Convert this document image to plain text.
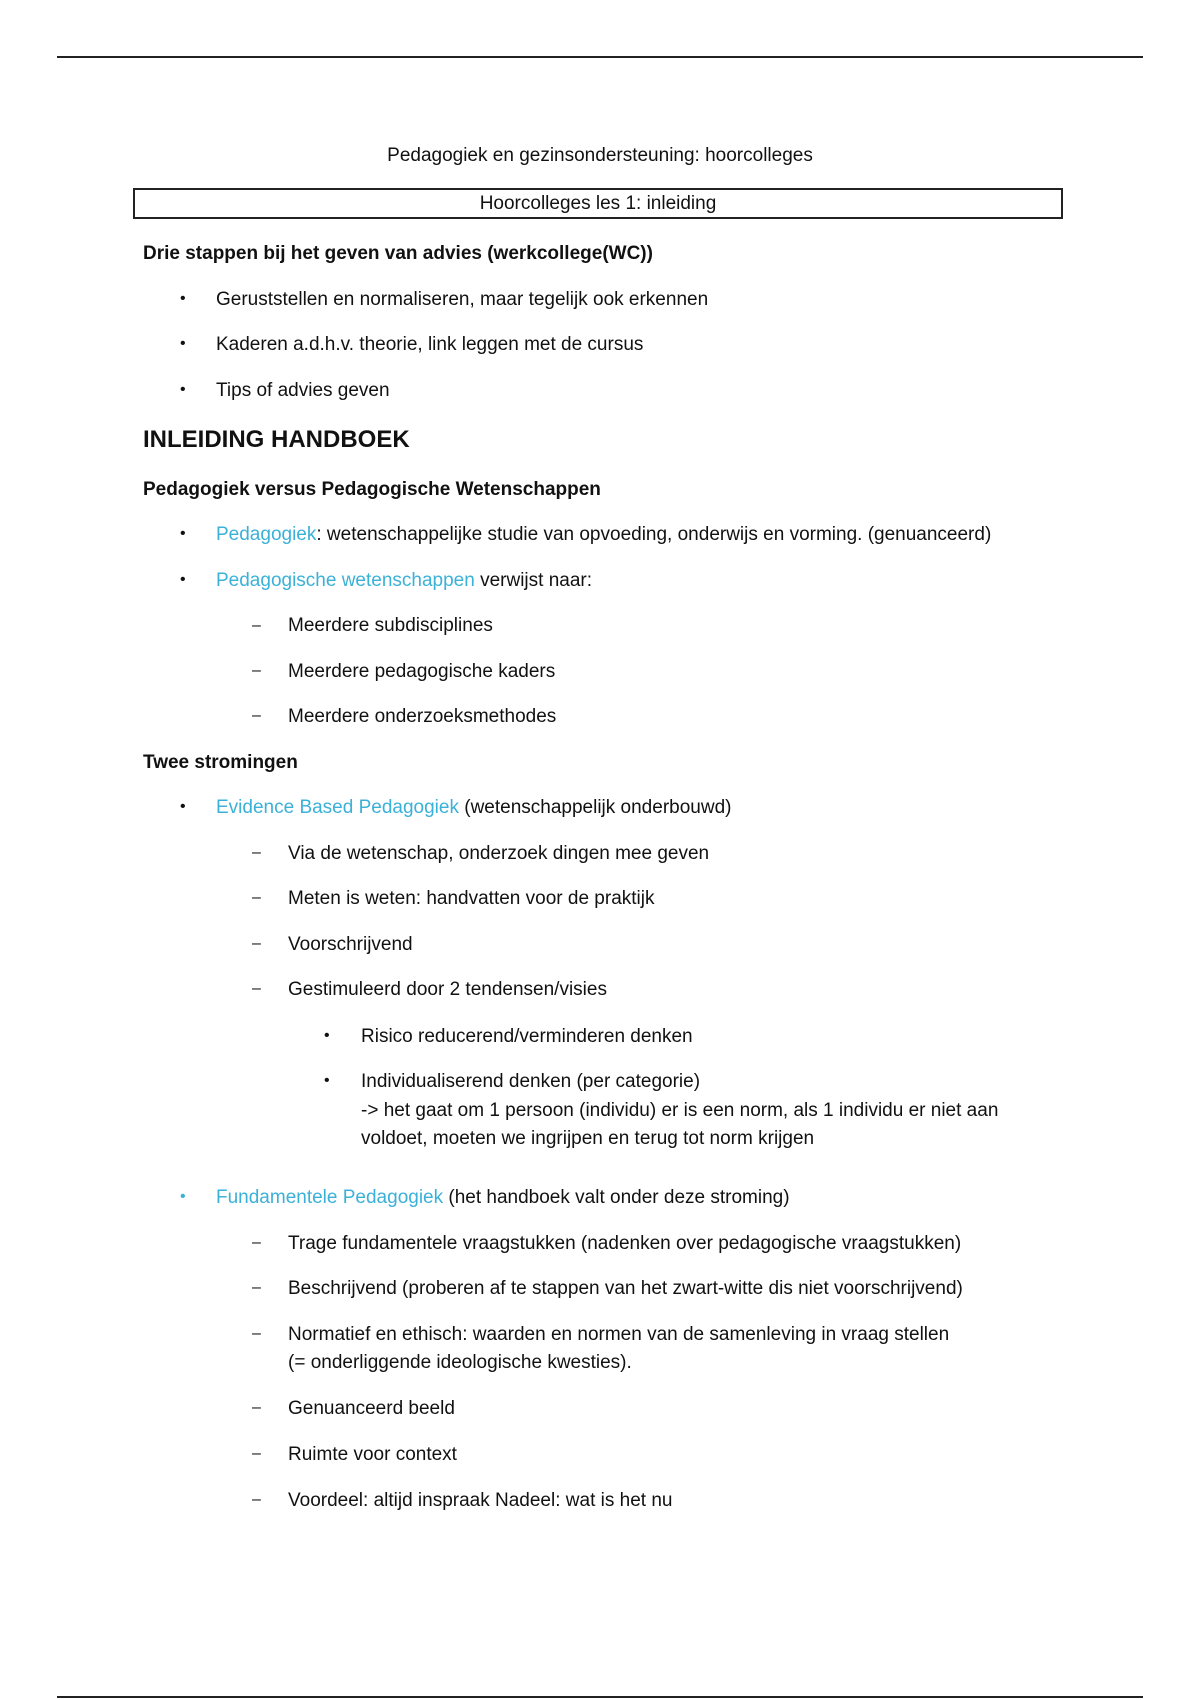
Pedagogiek en gezinsondersteuning: hoorcolleges
Hoorcolleges les 1: inleiding
Drie stappen bij het geven van advies (werkcollege(WC))
• Geruststellen en normaliseren, maar tegelijk ook erkennen
• Kaderen a.d.h.v. theorie, link leggen met de cursus
• Tips of advies geven
INLEIDING HANDBOEK
Pedagogiek versus Pedagogische Wetenschappen
• Pedagogiek: wetenschappelijke studie van opvoeding, onderwijs en vorming. (genuanceerd)
• Pedagogische wetenschappen verwijst naar:
– Meerdere subdisciplines
– Meerdere pedagogische kaders
– Meerdere onderzoeksmethodes
Twee stromingen
• Evidence Based Pedagogiek (wetenschappelijk onderbouwd)
– Via de wetenschap, onderzoek dingen mee geven
– Meten is weten: handvatten voor de praktijk
– Voorschrijvend
– Gestimuleerd door 2 tendensen/visies
• Risico reducerend/verminderen denken
• Individualiserend denken (per categorie)
-> het gaat om 1 persoon (individu) er is een norm, als 1 individu er niet aan
voldoet, moeten we ingrijpen en terug tot norm krijgen
• Fundamentele Pedagogiek (het handboek valt onder deze stroming)
– Trage fundamentele vraagstukken (nadenken over pedagogische vraagstukken)
– Beschrijvend (proberen af te stappen van het zwart-witte dis niet voorschrijvend)
– Normatief en ethisch: waarden en normen van de samenleving in vraag stellen
(= onderliggende ideologische kwesties).
– Genuanceerd beeld
– Ruimte voor context
– Voordeel: altijd inspraak Nadeel: wat is het nu
